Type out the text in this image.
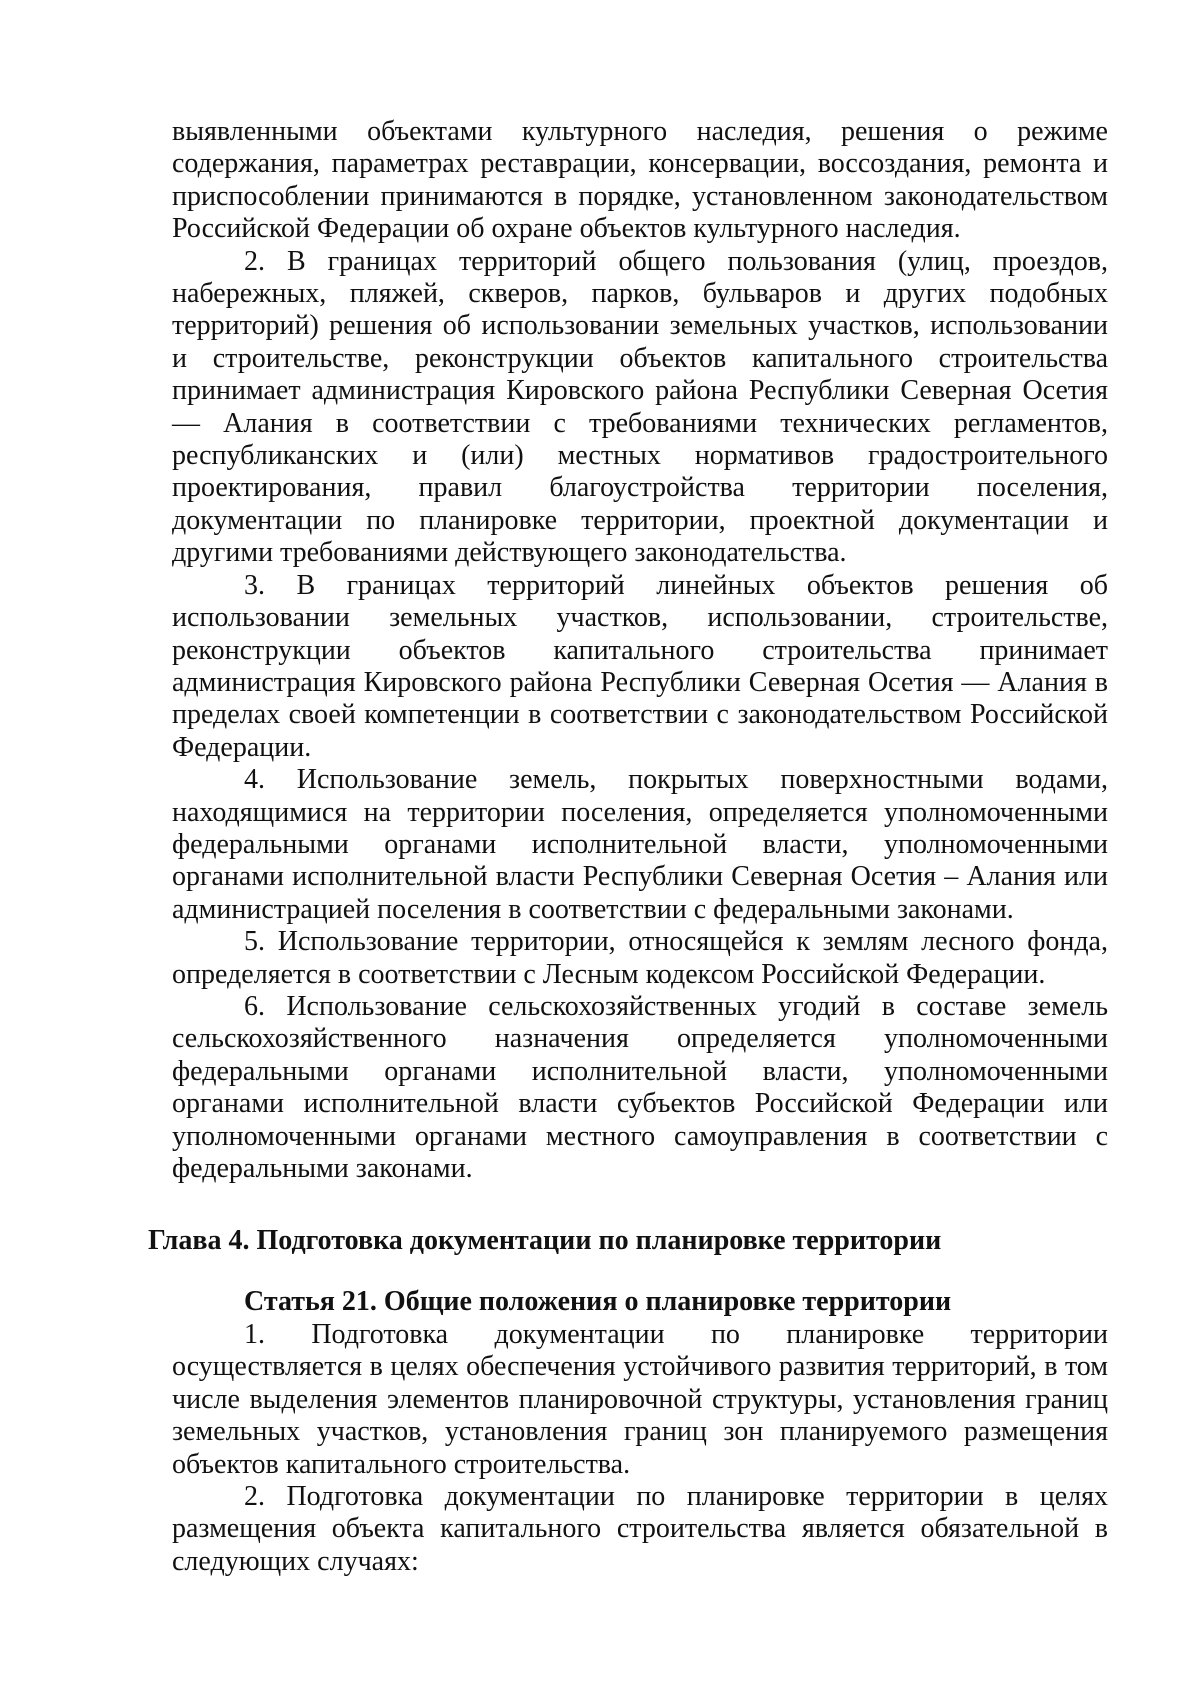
выявленными объектами культурного наследия, решения о режиме содержания, параметрах реставрации, консервации, воссоздания, ремонта и приспособлении принимаются в порядке, установленном законодательством Российской Федерации об охране объектов культурного наследия.

2. В границах территорий общего пользования (улиц, проездов, набережных, пляжей, скверов, парков, бульваров и других подобных территорий) решения об использовании земельных участков, использовании и строительстве, реконструкции объектов капитального строительства принимает администрация Кировского района Республики Северная Осетия — Алания в соответствии с требованиями технических регламентов, республиканских и (или) местных нормативов градостроительного проектирования, правил благоустройства территории поселения, документации по планировке территории, проектной документации и другими требованиями действующего законодательства.

3. В границах территорий линейных объектов решения об использовании земельных участков, использовании, строительстве, реконструкции объектов капитального строительства принимает администрация Кировского района Республики Северная Осетия — Алания в пределах своей компетенции в соответствии с законодательством Российской Федерации.

4. Использование земель, покрытых поверхностными водами, находящимися на территории поселения, определяется уполномоченными федеральными органами исполнительной власти, уполномоченными органами исполнительной власти Республики Северная Осетия – Алания или администрацией поселения в соответствии с федеральными законами.

5. Использование территории, относящейся к землям лесного фонда, определяется в соответствии с Лесным кодексом Российской Федерации.

6. Использование сельскохозяйственных угодий в составе земель сельскохозяйственного назначения определяется уполномоченными федеральными органами исполнительной власти, уполномоченными органами исполнительной власти субъектов Российской Федерации или уполномоченными органами местного самоуправления в соответствии с федеральными законами.

Глава 4. Подготовка документации по планировке территории
Статья 21. Общие положения о планировке территории

1. Подготовка документации по планировке территории осуществляется в целях обеспечения устойчивого развития территорий, в том числе выделения элементов планировочной структуры, установления границ земельных участков, установления границ зон планируемого размещения объектов капитального строительства.

2. Подготовка документации по планировке территории в целях размещения объекта капитального строительства является обязательной в следующих случаях:
